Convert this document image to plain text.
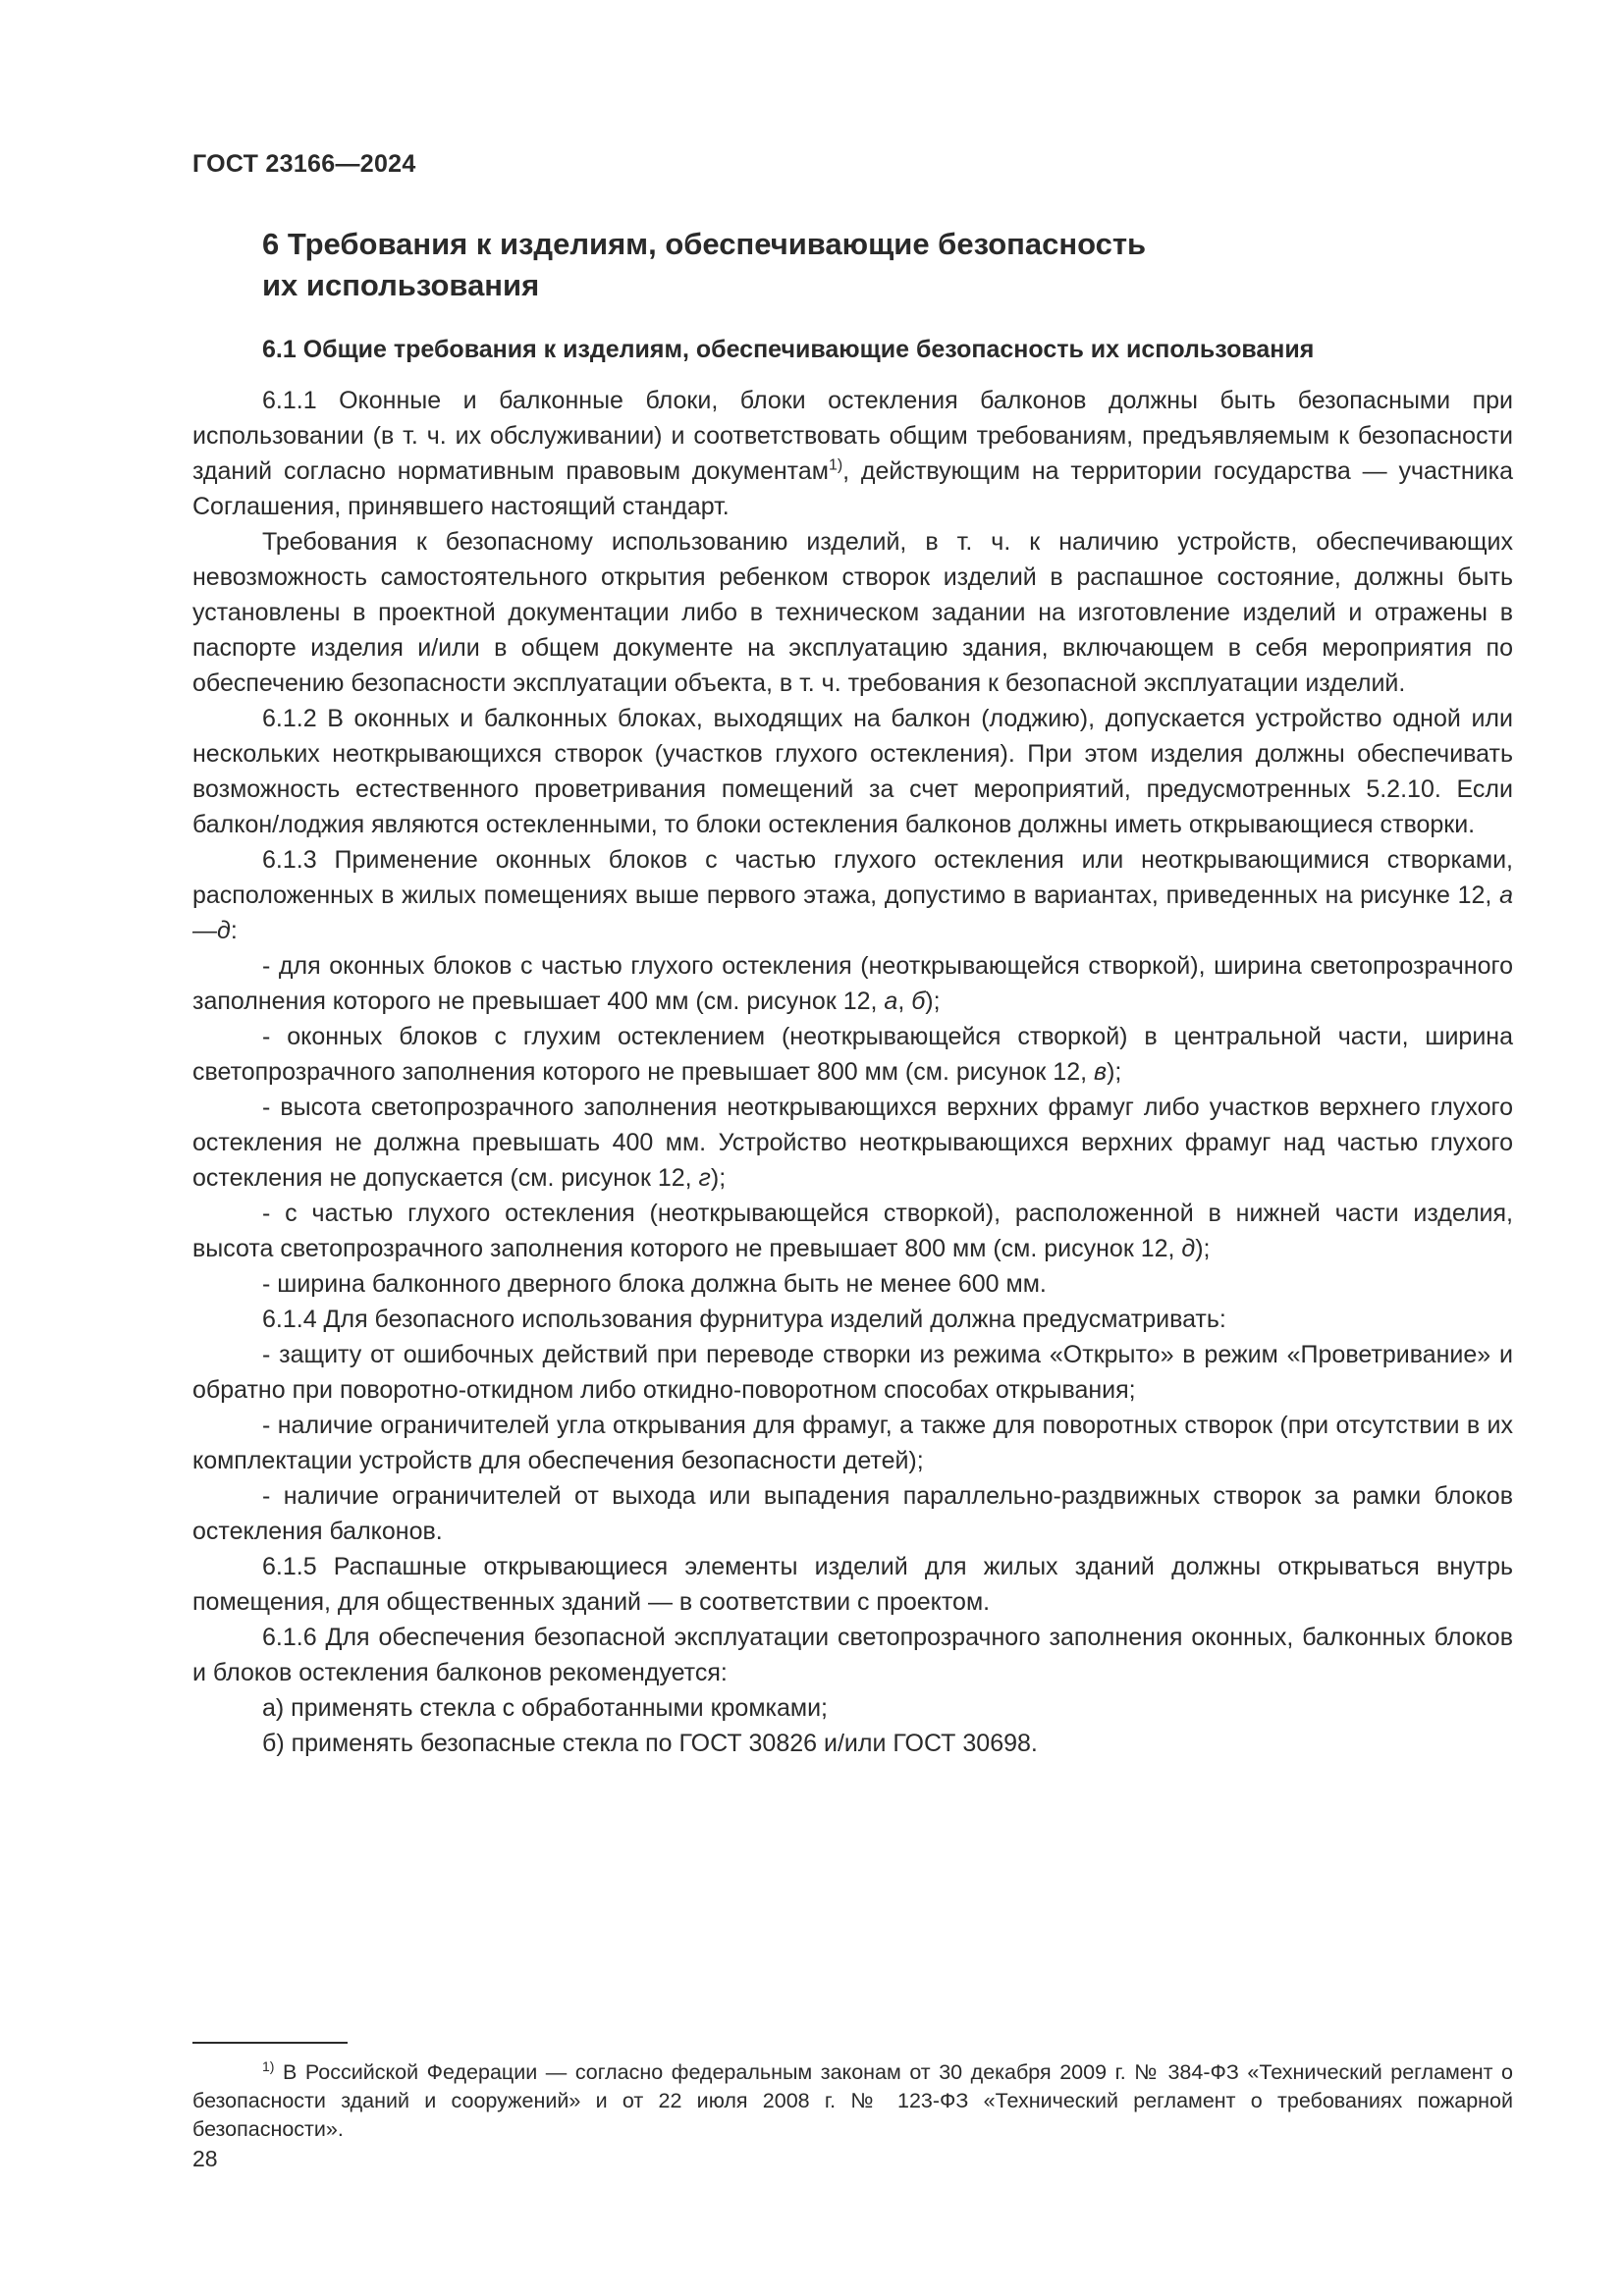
ГОСТ 23166—2024
6 Требования к изделиям, обеспечивающие безопасность
их использования
6.1 Общие требования к изделиям, обеспечивающие безопасность их использования

6.1.1 Оконные и балконные блоки, блоки остекления балконов должны быть безопасными при использовании (в т. ч. их обслуживании) и соответствовать общим требованиям, предъявляемым к безопасности зданий согласно нормативным правовым документам$^{1)}$, действующим на территории государства — участника Соглашения, принявшего настоящий стандарт.

Требования к безопасному использованию изделий, в т. ч. к наличию устройств, обеспечивающих невозможность самостоятельного открытия ребенком створок изделий в распашное состояние, должны быть установлены в проектной документации либо в техническом задании на изготовление изделий и отражены в паспорте изделия и/или в общем документе на эксплуатацию здания, включающем в себя мероприятия по обеспечению безопасности эксплуатации объекта, в т. ч. требования к безопасной эксплуатации изделий.

6.1.2 В оконных и балконных блоках, выходящих на балкон (лоджию), допускается устройство одной или нескольких неоткрывающихся створок (участков глухого остекления). При этом изделия должны обеспечивать возможность естественного проветривания помещений за счет мероприятий, предусмотренных 5.2.10. Если балкон/лоджия являются остекленными, то блоки остекления балконов должны иметь открывающиеся створки.

6.1.3 Применение оконных блоков с частью глухого остекления или неоткрывающимися створками, расположенных в жилых помещениях выше первого этажа, допустимо в вариантах, приведенных на рисунке 12, а—д:

- для оконных блоков с частью глухого остекления (неоткрывающейся створкой), ширина светопрозрачного заполнения которого не превышает 400 мм (см. рисунок 12, а, б);

- оконных блоков с глухим остеклением (неоткрывающейся створкой) в центральной части, ширина светопрозрачного заполнения которого не превышает 800 мм (см. рисунок 12, в);

- высота светопрозрачного заполнения неоткрывающихся верхних фрамуг либо участков верхнего глухого остекления не должна превышать 400 мм. Устройство неоткрывающихся верхних фрамуг над частью глухого остекления не допускается (см. рисунок 12, г);

- с частью глухого остекления (неоткрывающейся створкой), расположенной в нижней части изделия, высота светопрозрачного заполнения которого не превышает 800 мм (см. рисунок 12, д);

- ширина балконного дверного блока должна быть не менее 600 мм.

6.1.4 Для безопасного использования фурнитура изделий должна предусматривать:

- защиту от ошибочных действий при переводе створки из режима «Открыто» в режим «Проветривание» и обратно при поворотно-откидном либо откидно-поворотном способах открывания;

- наличие ограничителей угла открывания для фрамуг, а также для поворотных створок (при отсутствии в их комплектации устройств для обеспечения безопасности детей);

- наличие ограничителей от выхода или выпадения параллельно-раздвижных створок за рамки блоков остекления балконов.

6.1.5 Распашные открывающиеся элементы изделий для жилых зданий должны открываться внутрь помещения, для общественных зданий — в соответствии с проектом.

6.1.6 Для обеспечения безопасной эксплуатации светопрозрачного заполнения оконных, балконных блоков и блоков остекления балконов рекомендуется:

а) применять стекла с обработанными кромками;

б) применять безопасные стекла по ГОСТ 30826 и/или ГОСТ 30698.

$^{1)}$ В Российской Федерации — согласно федеральным законам от 30 декабря 2009 г. № 384-ФЗ «Технический регламент о безопасности зданий и сооружений» и от 22 июля 2008 г. № 123-ФЗ «Технический регламент о требованиях пожарной безопасности».
28
